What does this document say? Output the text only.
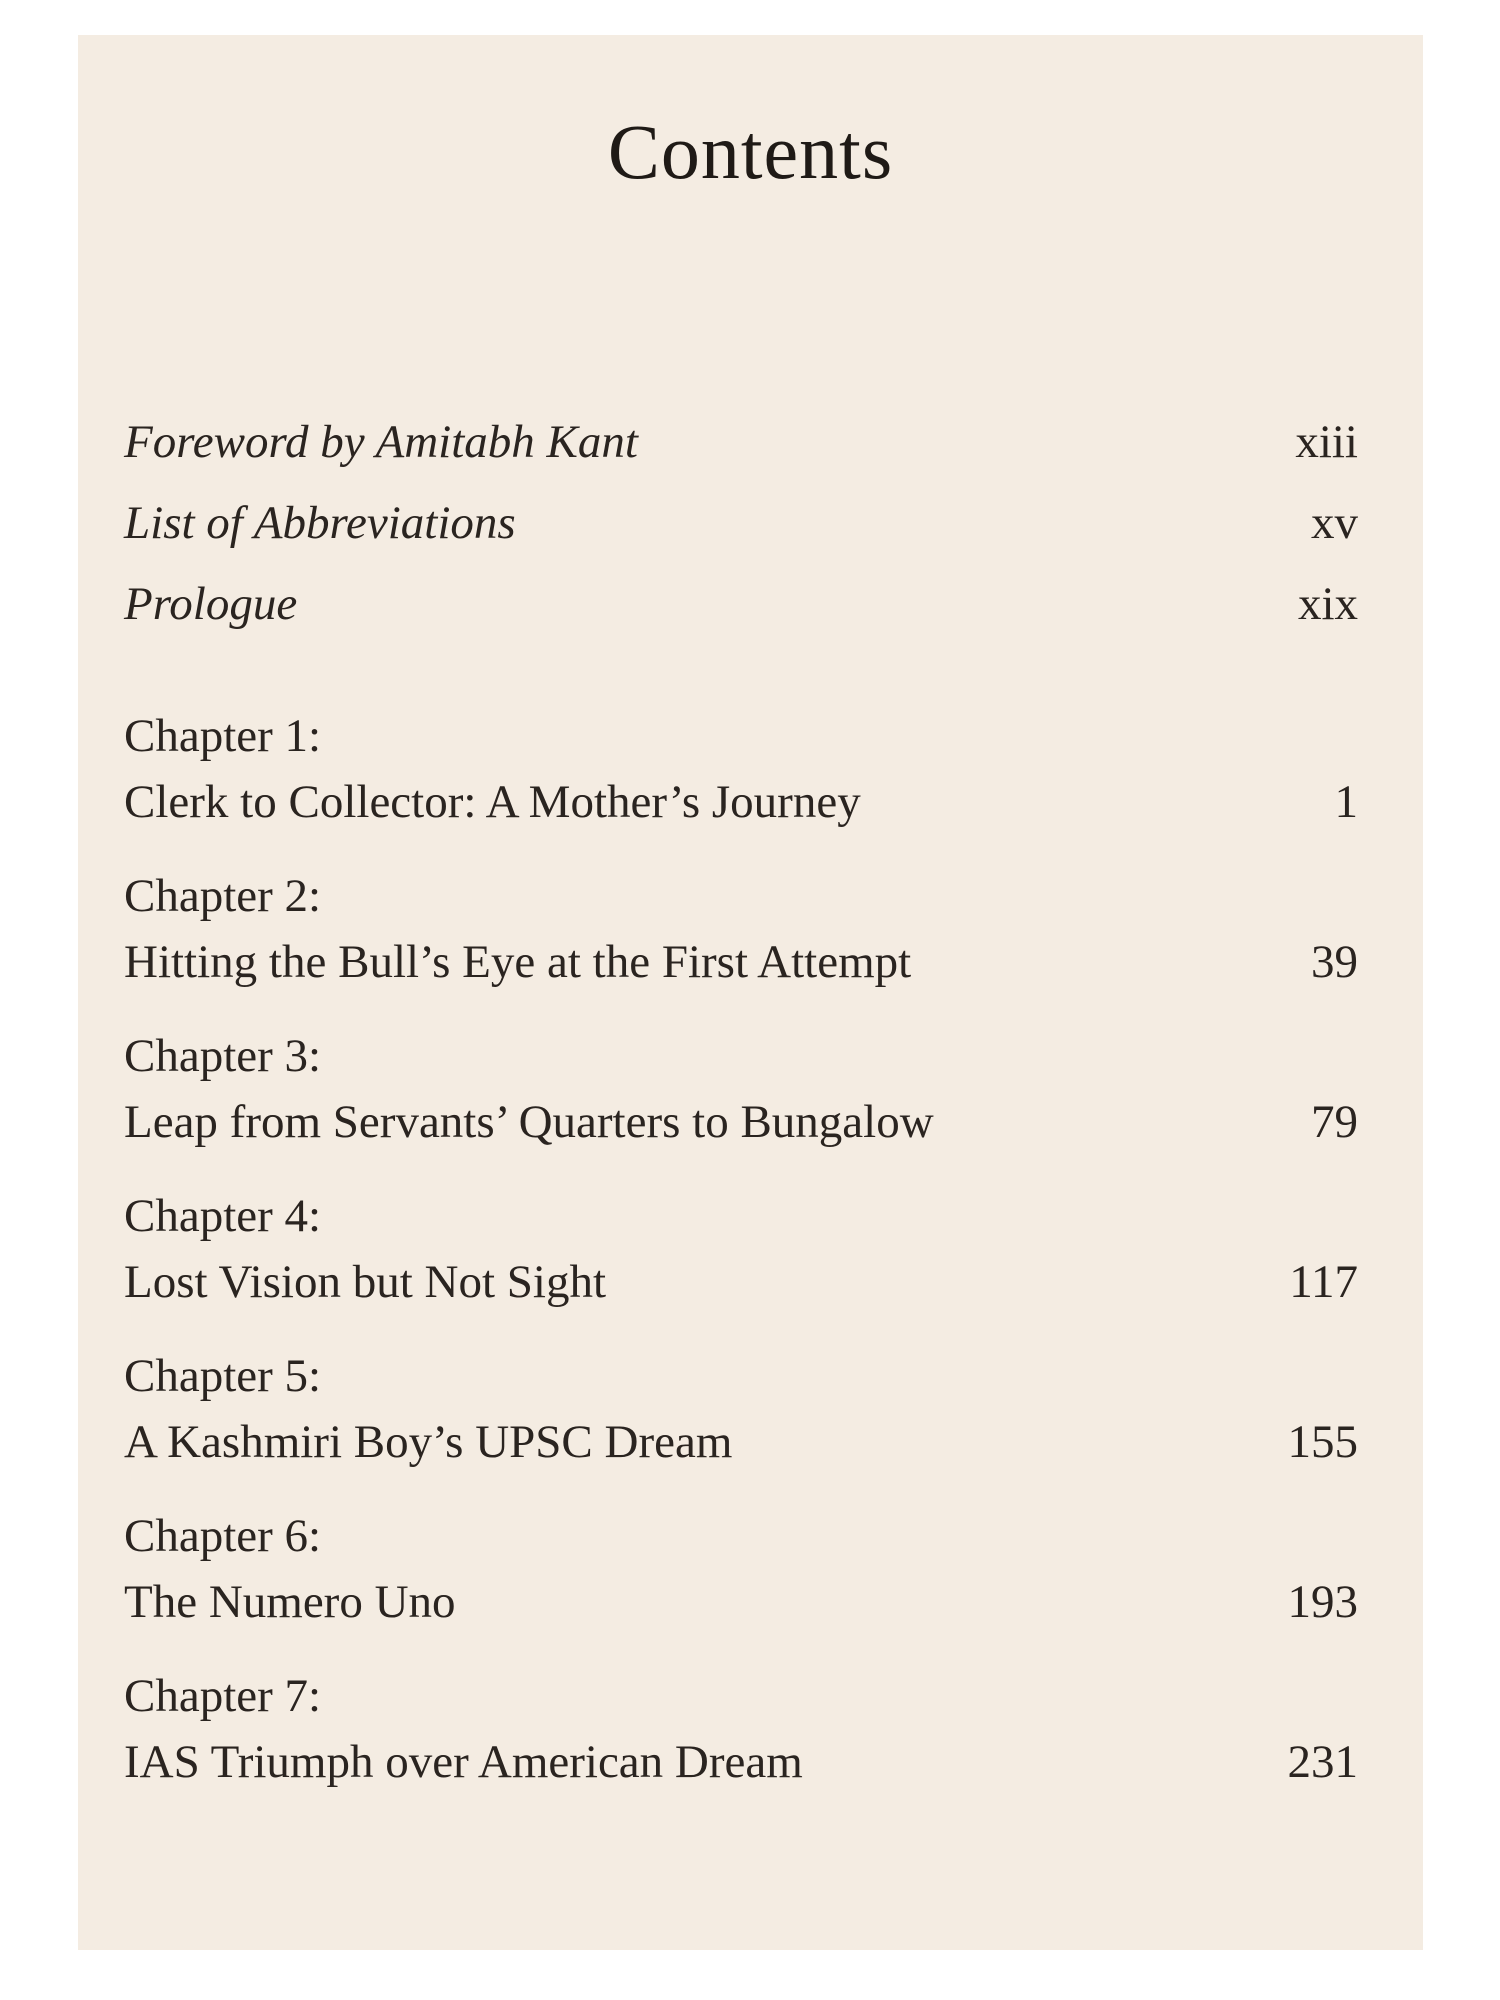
Contents
Foreword by Amitabh Kant	xiii
List of Abbreviations	xv
Prologue	xix
Chapter 1:
Clerk to Collector: A Mother’s Journey	1
Chapter 2:
Hitting the Bull’s Eye at the First Attempt	39
Chapter 3:
Leap from Servants’ Quarters to Bungalow	79
Chapter 4:
Lost Vision but Not Sight	117
Chapter 5:
A Kashmiri Boy’s UPSC Dream	155
Chapter 6:
The Numero Uno	193
Chapter 7:
IAS Triumph over American Dream	231
